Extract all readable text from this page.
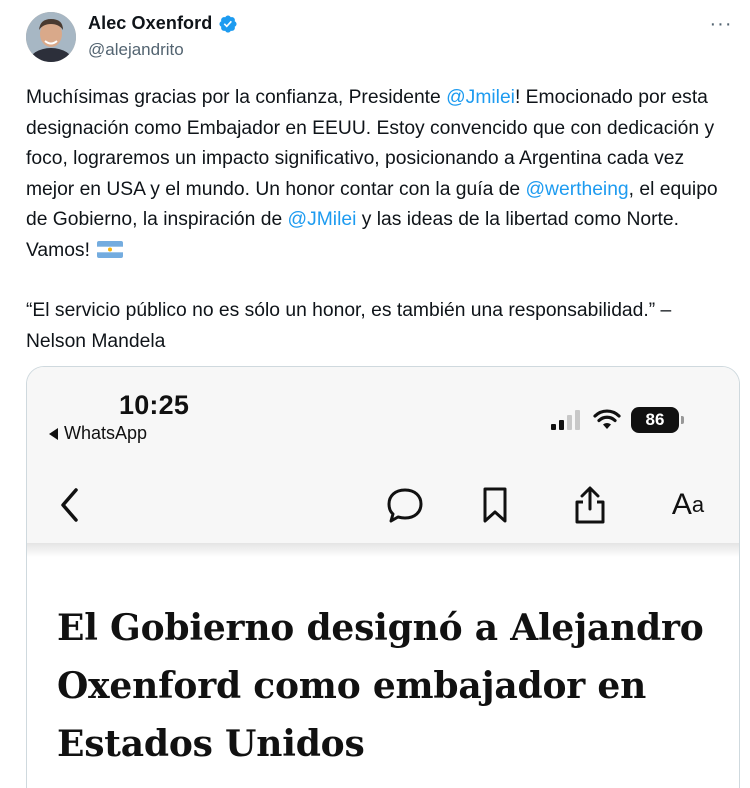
Alec Oxenford
@alejandrito
···

Muchísimas gracias por la confianza, Presidente @Jmilei! Emocionado por esta designación como Embajador en EEUU. Estoy convencido que con dedicación y foco, lograremos un impacto significativo, posicionando a Argentina cada vez mejor en USA y el mundo. Un honor contar con la guía de @wertheing, el equipo de Gobierno, la inspiración de @JMilei y las ideas de la libertad como Norte. Vamos!

“El servicio público no es sólo un honor, es también una responsabilidad.” – Nelson Mandela

10:25
WhatsApp
86
A a
El Gobierno designó a Alejandro Oxenford como embajador en Estados Unidos
